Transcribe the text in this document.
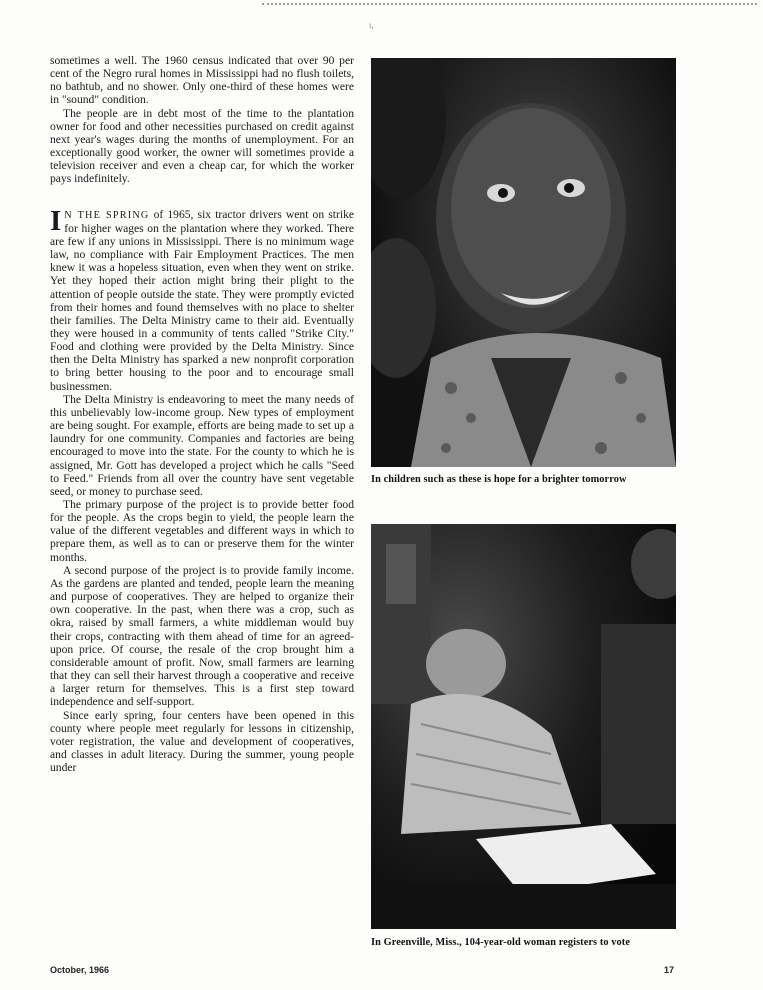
ι,

sometimes a well. The 1960 census indicated that over 90 per cent of the Negro rural homes in Mississippi had no flush toilets, no bathtub, and no shower. Only one-third of these homes were in "sound" condition.

The people are in debt most of the time to the plantation owner for food and other necessities purchased on credit against next year's wages during the months of unemployment. For an exceptionally good worker, the owner will sometimes provide a television receiver and even a cheap car, for which the worker pays indefinitely.

I N THE SPRING of 1965, six tractor drivers went on strike for higher wages on the plantation where they worked. There are few if any unions in Mississippi. There is no minimum wage law, no compliance with Fair Employment Practices. The men knew it was a hopeless situation, even when they went on strike. Yet they hoped their action might bring their plight to the attention of people outside the state. They were promptly evicted from their homes and found themselves with no place to shelter their families. The Delta Ministry came to their aid. Eventually they were housed in a community of tents called "Strike City." Food and clothing were provided by the Delta Ministry. Since then the Delta Ministry has sparked a new nonprofit corporation to bring better housing to the poor and to encourage small businessmen.

The Delta Ministry is endeavoring to meet the many needs of this unbelievably low-income group. New types of employment are being sought. For example, efforts are being made to set up a laundry for one community. Companies and factories are being encouraged to move into the state. For the county to which he is assigned, Mr. Gott has developed a project which he calls "Seed to Feed." Friends from all over the country have sent vegetable seed, or money to purchase seed.

The primary purpose of the project is to provide better food for the people. As the crops begin to yield, the people learn the value of the different vegetables and different ways in which to prepare them, as well as to can or preserve them for the winter months.

A second purpose of the project is to provide family income. As the gardens are planted and tended, people learn the meaning and purpose of cooperatives. They are helped to organize their own cooperative. In the past, when there was a crop, such as okra, raised by small farmers, a white middleman would buy their crops, contracting with them ahead of time for an agreed-upon price. Of course, the resale of the crop brought him a considerable amount of profit. Now, small farmers are learning that they can sell their harvest through a cooperative and receive a larger return for themselves. This is a first step toward independence and self-support.

Since early spring, four centers have been opened in this county where people meet regularly for lessons in citizenship, voter registration, the value and development of cooperatives, and classes in adult literacy. During the summer, young people under

In children such as these is hope for a brighter tomorrow
In Greenville, Miss., 104-year-old woman registers to vote
October, 1966	17
